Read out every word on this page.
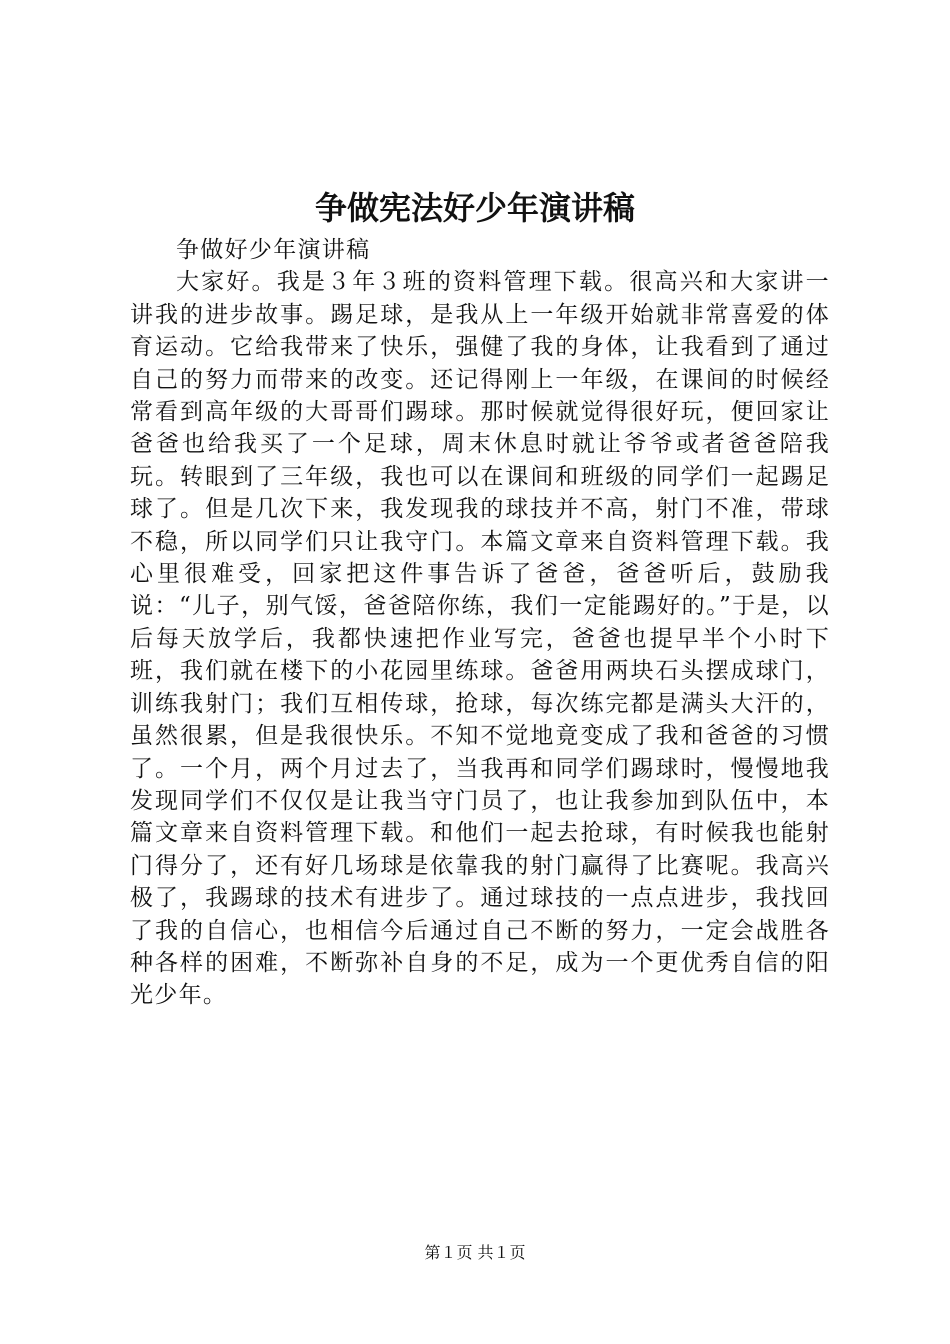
争做宪法好少年演讲稿

争做好少年演讲稿

大家好。我是３年３班的资料管理下载。很高兴和大家讲一讲我的进步故事。踢足球，是我从上一年级开始就非常喜爱的体育运动。它给我带来了快乐，强健了我的身体，让我看到了通过自己的努力而带来的改变。还记得刚上一年级，在课间的时候经常看到高年级的大哥哥们踢球。那时候就觉得很好玩，便回家让爸爸也给我买了一个足球，周末休息时就让爷爷或者爸爸陪我玩。转眼到了三年级，我也可以在课间和班级的同学们一起踢足球了。但是几次下来，我发现我的球技并不高，射门不准，带球不稳，所以同学们只让我守门。本篇文章来自资料管理下载。我心里很难受，回家把这件事告诉了爸爸，爸爸听后，鼓励我说：“儿子，别气馁，爸爸陪你练，我们一定能踢好的。”于是，以后每天放学后，我都快速把作业写完，爸爸也提早半个小时下班，我们就在楼下的小花园里练球。爸爸用两块石头摆成球门，训练我射门；我们互相传球，抢球，每次练完都是满头大汗的，虽然很累，但是我很快乐。不知不觉地竟变成了我和爸爸的习惯了。一个月，两个月过去了，当我再和同学们踢球时，慢慢地我发现同学们不仅仅是让我当守门员了，也让我参加到队伍中，本篇文章来自资料管理下载。和他们一起去抢球，有时候我也能射门得分了，还有好几场球是依靠我的射门赢得了比赛呢。我高兴极了，我踢球的技术有进步了。通过球技的一点点进步，我找回了我的自信心，也相信今后通过自己不断的努力，一定会战胜各种各样的困难，不断弥补自身的不足，成为一个更优秀自信的阳光少年。

第１页 共１页
